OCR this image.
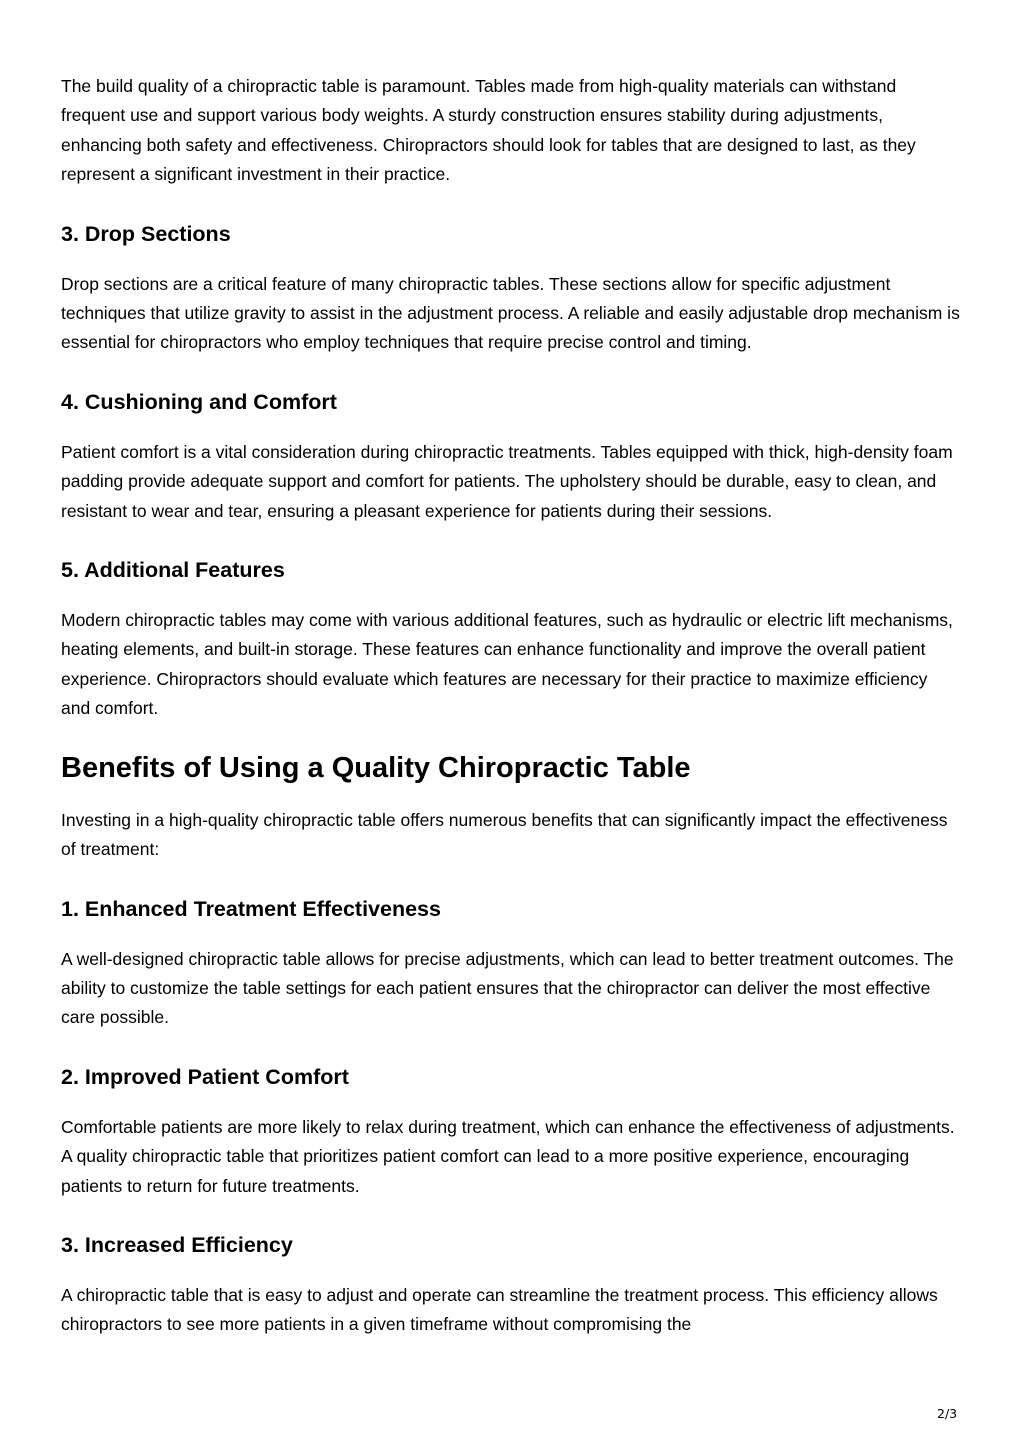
The build quality of a chiropractic table is paramount. Tables made from high-quality materials can withstand frequent use and support various body weights. A sturdy construction ensures stability during adjustments, enhancing both safety and effectiveness. Chiropractors should look for tables that are designed to last, as they represent a significant investment in their practice.

3. Drop Sections

Drop sections are a critical feature of many chiropractic tables. These sections allow for specific adjustment techniques that utilize gravity to assist in the adjustment process. A reliable and easily adjustable drop mechanism is essential for chiropractors who employ techniques that require precise control and timing.

4. Cushioning and Comfort

Patient comfort is a vital consideration during chiropractic treatments. Tables equipped with thick, high-density foam padding provide adequate support and comfort for patients. The upholstery should be durable, easy to clean, and resistant to wear and tear, ensuring a pleasant experience for patients during their sessions.

5. Additional Features

Modern chiropractic tables may come with various additional features, such as hydraulic or electric lift mechanisms, heating elements, and built-in storage. These features can enhance functionality and improve the overall patient experience. Chiropractors should evaluate which features are necessary for their practice to maximize efficiency and comfort.

Benefits of Using a Quality Chiropractic Table

Investing in a high-quality chiropractic table offers numerous benefits that can significantly impact the effectiveness of treatment:

1. Enhanced Treatment Effectiveness

A well-designed chiropractic table allows for precise adjustments, which can lead to better treatment outcomes. The ability to customize the table settings for each patient ensures that the chiropractor can deliver the most effective care possible.

2. Improved Patient Comfort

Comfortable patients are more likely to relax during treatment, which can enhance the effectiveness of adjustments. A quality chiropractic table that prioritizes patient comfort can lead to a more positive experience, encouraging patients to return for future treatments.

3. Increased Efficiency

A chiropractic table that is easy to adjust and operate can streamline the treatment process. This efficiency allows chiropractors to see more patients in a given timeframe without compromising the

2/3
